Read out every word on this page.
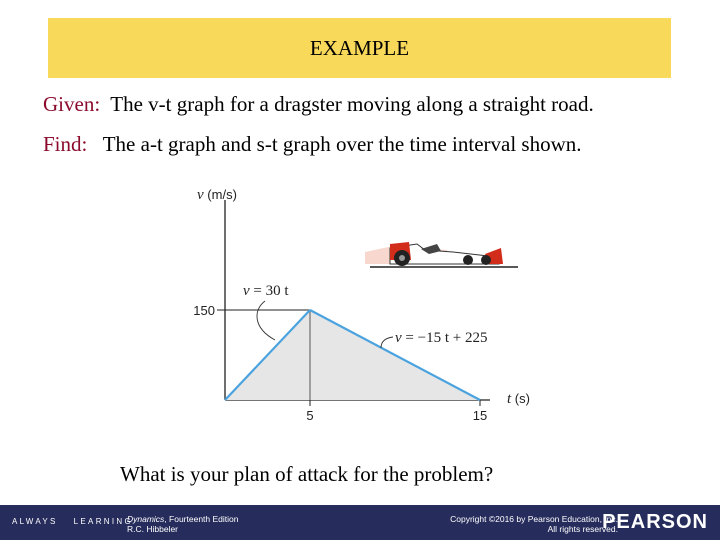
EXAMPLE
Given: The v-t graph for a dragster moving along a straight road.
Find: The a-t graph and s-t graph over the time interval shown.
v (m/s)
t (s)
150
5	15
v = 30 t
v = −15 t + 225
What is your plan of attack for the problem?
ALWAYS LEARNING
Dynamics, Fourteenth Edition
R.C. Hibbeler
Copyright ©2016 by Pearson Education, Inc.
All rights reserved.
PEARSON
